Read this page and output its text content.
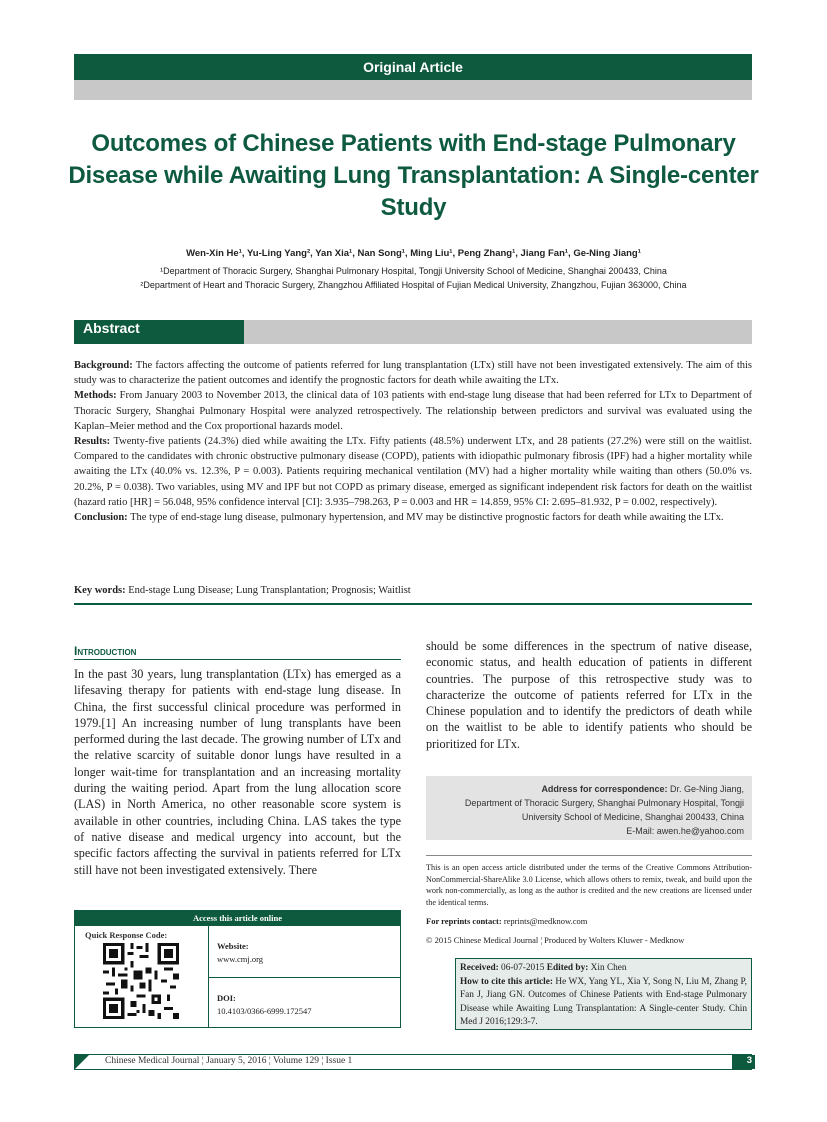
Original Article
Outcomes of Chinese Patients with End-stage Pulmonary Disease while Awaiting Lung Transplantation: A Single-center Study
Wen-Xin He¹, Yu-Ling Yang², Yan Xia¹, Nan Song¹, Ming Liu¹, Peng Zhang¹, Jiang Fan¹, Ge-Ning Jiang¹
¹Department of Thoracic Surgery, Shanghai Pulmonary Hospital, Tongji University School of Medicine, Shanghai 200433, China
²Department of Heart and Thoracic Surgery, Zhangzhou Affiliated Hospital of Fujian Medical University, Zhangzhou, Fujian 363000, China
Abstract

Background: The factors affecting the outcome of patients referred for lung transplantation (LTx) still have not been investigated extensively. The aim of this study was to characterize the patient outcomes and identify the prognostic factors for death while awaiting the LTx.

Methods: From January 2003 to November 2013, the clinical data of 103 patients with end-stage lung disease that had been referred for LTx to Department of Thoracic Surgery, Shanghai Pulmonary Hospital were analyzed retrospectively. The relationship between predictors and survival was evaluated using the Kaplan–Meier method and the Cox proportional hazards model.

Results: Twenty-five patients (24.3%) died while awaiting the LTx. Fifty patients (48.5%) underwent LTx, and 28 patients (27.2%) were still on the waitlist. Compared to the candidates with chronic obstructive pulmonary disease (COPD), patients with idiopathic pulmonary fibrosis (IPF) had a higher mortality while awaiting the LTx (40.0% vs. 12.3%, P = 0.003). Patients requiring mechanical ventilation (MV) had a higher mortality while waiting than others (50.0% vs. 20.2%, P = 0.038). Two variables, using MV and IPF but not COPD as primary disease, emerged as significant independent risk factors for death on the waitlist (hazard ratio [HR] = 56.048, 95% confidence interval [CI]: 3.935–798.263, P = 0.003 and HR = 14.859, 95% CI: 2.695–81.932, P = 0.002, respectively).

Conclusion: The type of end-stage lung disease, pulmonary hypertension, and MV may be distinctive prognostic factors for death while awaiting the LTx.

Key words: End-stage Lung Disease; Lung Transplantation; Prognosis; Waitlist
Introduction

In the past 30 years, lung transplantation (LTx) has emerged as a lifesaving therapy for patients with end-stage lung disease. In China, the first successful clinical procedure was performed in 1979.[1] An increasing number of lung transplants have been performed during the last decade. The growing number of LTx and the relative scarcity of suitable donor lungs have resulted in a longer wait-time for transplantation and an increasing mortality during the waiting period. Apart from the lung allocation score (LAS) in North America, no other reasonable score system is available in other countries, including China. LAS takes the type of native disease and medical urgency into account, but the specific factors affecting the survival in patients referred for LTx still have not been investigated extensively. There

should be some differences in the spectrum of native disease, economic status, and health education of patients in different countries. The purpose of this retrospective study was to characterize the outcome of patients referred for LTx in the Chinese population and to identify the predictors of death while on the waitlist to be able to identify patients who should be prioritized for LTx.

Address for correspondence: Dr. Ge-Ning Jiang,
Department of Thoracic Surgery, Shanghai Pulmonary Hospital, Tongji
University School of Medicine, Shanghai 200433, China
E-Mail: awen.he@yahoo.com

This is an open access article distributed under the terms of the Creative Commons Attribution-NonCommercial-ShareAlike 3.0 License, which allows others to remix, tweak, and build upon the work non-commercially, as long as the author is credited and the new creations are licensed under the identical terms.

For reprints contact: reprints@medknow.com
© 2015 Chinese Medical Journal ¦ Produced by Wolters Kluwer - Medknow
Received: 06-07-2015 Edited by: Xin Chen
How to cite this article: He WX, Yang YL, Xia Y, Song N, Liu M, Zhang P, Fan J, Jiang GN. Outcomes of Chinese Patients with End-stage Pulmonary Disease while Awaiting Lung Transplantation: A Single-center Study. Chin Med J 2016;129:3-7.
Access this article online
Quick Response Code:
Website:
www.cmj.org
DOI:
10.4103/0366-6999.172547
Chinese Medical Journal ¦ January 5, 2016 ¦ Volume 129 ¦ Issue 1	3
